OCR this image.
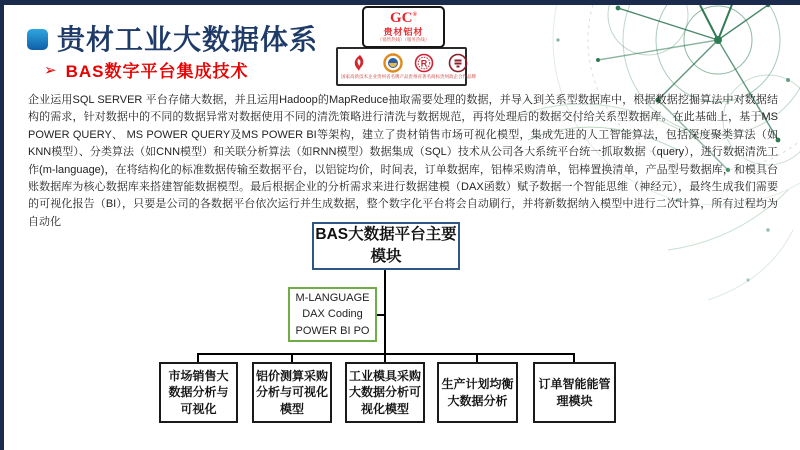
贵材工业大数据体系
➢ BAS数字平台集成技术
GC®
贵材铝材
（销售热线）（服务热线）
国家高新技术企业 贵州省名牌产品
R
贵州省著名商标 贵州政企合作品牌
企业运用SQL SERVER 平台存储大数据，并且运用Hadoop的MapReduce抽取需要处理的数据，并导入到关系型数据库中，根据数据挖掘算法中对数据结构的需求，针对数据中的不同的数据异常对数据使用不同的清洗策略进行清洗与数据规范，再将处理后的数据交付给关系型数据库。在此基础上，基于MS POWER QUERY、 MS POWER QUERY及MS POWER BI等架构，建立了贵材销售市场可视化模型，集成先进的人工智能算法，包括深度聚类算法（如KNN模型）、分类算法（如CNN模型）和关联分析算法（如RNN模型）数据集成（SQL）技术从公司各大系统平台统一抓取数据（query），进行数据清洗工作(m-language)，在将结构化的标准数据传输至数据平台，以铝锭均价，时间表，订单数据库，铝棒采购清单，铝棒置换清单，产品型号数据库，和模具台账数据库为核心数据库来搭建智能数据模型。最后根据企业的分析需求来进行数据建模（DAX函数）赋予数据一个智能思维（神经元），最终生成我们需要的可视化报告（BI），只要是公司的各数据平台依次运行并生成数据，整个数字化平台将会自动刷行，并将新数据纳入模型中进行二次计算，所有过程均为自动化
BAS大数据平台主要模块
M-LANGUAGE
DAX Coding
POWER BI PO
市场销售大数据分析与可视化
铝价测算采购分析与可视化模型
工业模具采购大数据分析可视化模型
生产计划均衡大数据分析
订单智能能管理模块
